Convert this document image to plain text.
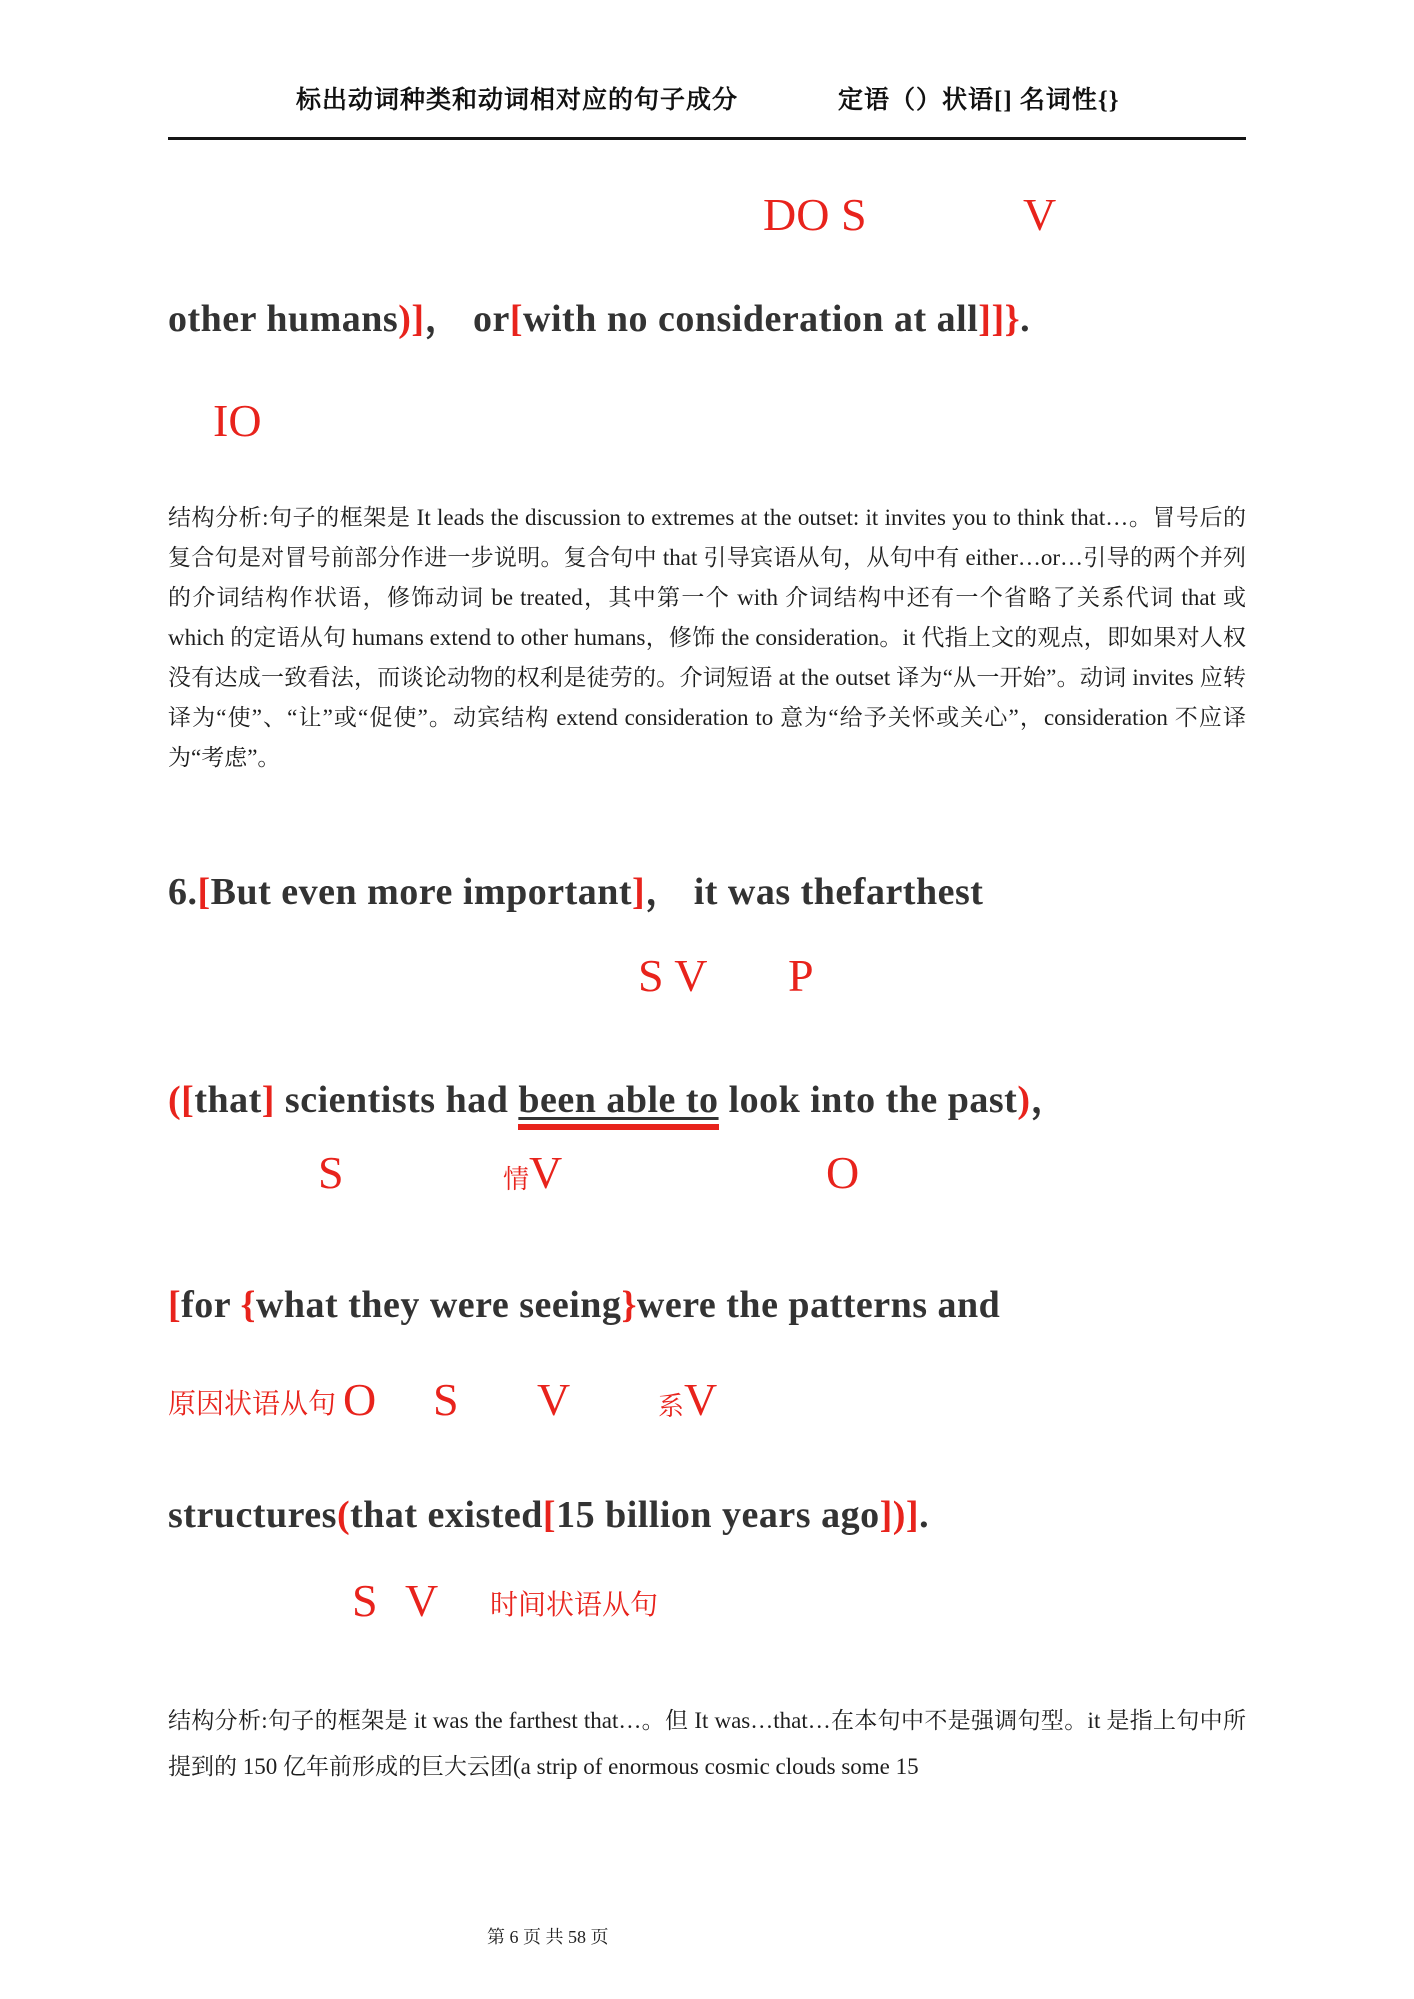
标出动词种类和动词相对应的句子成分	定语（）状语[] 名词性{}
DO S	V
other humans)]， or[with no consideration at all]]}.
IO

结构分析:句子的框架是 It leads the discussion to extremes at the outset: it invites you to think that…。冒号后的复合句是对冒号前部分作进一步说明。复合句中 that 引导宾语从句，从句中有 either…or…引导的两个并列的介词结构作状语，修饰动词 be treated，其中第一个 with 介词结构中还有一个省略了关系代词 that 或 which 的定语从句 humans extend to other humans，修饰 the consideration。it 代指上文的观点，即如果对人权没有达成一致看法，而谈论动物的权利是徒劳的。介词短语 at the outset 译为“从一开始”。动词 invites 应转译为“使”、“让”或“促使”。动宾结构 extend consideration to 意为“给予关怀或关心”，consideration 不应译为“考虑”。

6.[But even more important]， it was thefarthest
S V P
([that] scientists had been able to look into the past)，
S	情V	O
[for {what they were seeing}were the patterns and
原因状语从句 O S V	系V
structures(that existed[15 billion years ago])].
S V 时间状语从句

结构分析:句子的框架是 it was the farthest that…。但 It was…that…在本句中不是强调句型。it 是指上句中所提到的 150 亿年前形成的巨大云团(a strip of enormous cosmic clouds some 15

第 6 页 共 58 页
